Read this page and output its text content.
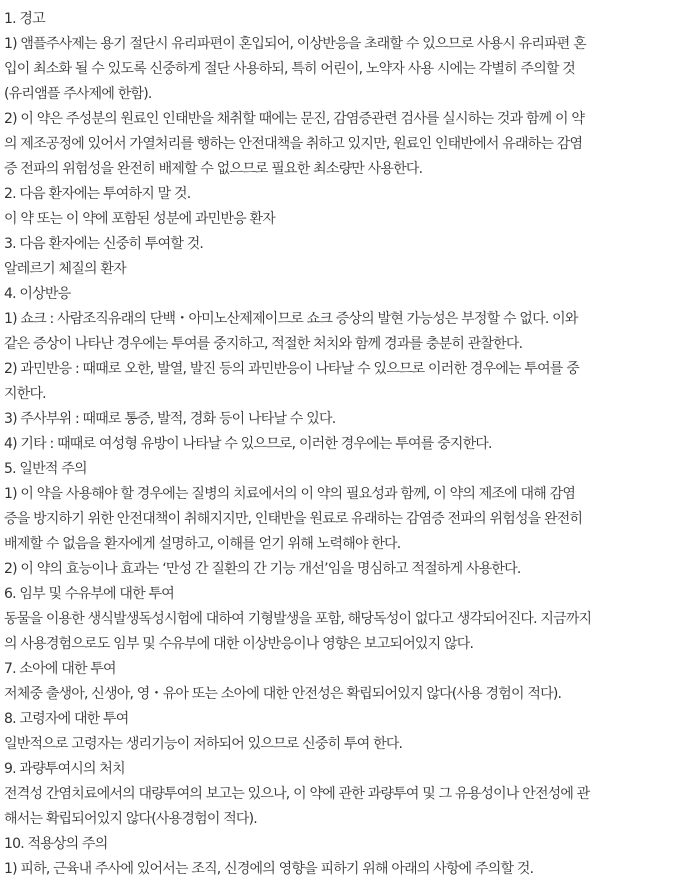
1. 경고
1) 앰플주사제는 용기 절단시 유리파편이 혼입되어, 이상반응을 초래할 수 있으므로 사용시 유리파편 혼
입이 최소화 될 수 있도록 신중하게 절단 사용하되, 특히 어린이, 노약자 사용 시에는 각별히 주의할 것
(유리앰플 주사제에 한함).
2) 이 약은 주성분의 원료인 인태반을 채취할 때에는 문진, 감염증관련 검사를 실시하는 것과 함께 이 약
의 제조공정에 있어서 가열처리를 행하는 안전대책을 취하고 있지만, 원료인 인태반에서 유래하는 감염
증 전파의 위험성을 완전히 배제할 수 없으므로 필요한 최소량만 사용한다.
2. 다음 환자에는 투여하지 말 것.
이 약 또는 이 약에 포함된 성분에 과민반응 환자
3. 다음 환자에는 신중히 투여할 것.
알레르기 체질의 환자
4. 이상반응
1) 쇼크 : 사람조직유래의 단백・아미노산제제이므로 쇼크 증상의 발현 가능성은 부정할 수 없다. 이와
같은 증상이 나타난 경우에는 투여를 중지하고, 적절한 처치와 함께 경과를 충분히 관찰한다.
2) 과민반응 : 때때로 오한, 발열, 발진 등의 과민반응이 나타날 수 있으므로 이러한 경우에는 투여를 중
지한다.
3) 주사부위 : 때때로 통증, 발적, 경화 등이 나타날 수 있다.
4) 기타 : 때때로 여성형 유방이 나타날 수 있으므로, 이러한 경우에는 투여를 중지한다.
5. 일반적 주의
1) 이 약을 사용해야 할 경우에는 질병의 치료에서의 이 약의 필요성과 함께, 이 약의 제조에 대해 감염
증을 방지하기 위한 안전대책이 취해지지만, 인태반을 원료로 유래하는 감염증 전파의 위험성을 완전히
배제할 수 없음을 환자에게 설명하고, 이해를 얻기 위해 노력해야 한다.
2) 이 약의 효능이나 효과는 ‘만성 간 질환의 간 기능 개선’임을 명심하고 적절하게 사용한다.
6. 임부 및 수유부에 대한 투여
동물을 이용한 생식발생독성시험에 대하여 기형발생을 포함, 해당독성이 없다고 생각되어진다. 지금까지
의 사용경험으로도 임부 및 수유부에 대한 이상반응이나 영향은 보고되어있지 않다.
7. 소아에 대한 투여
저체중 출생아, 신생아, 영・유아 또는 소아에 대한 안전성은 확립되어있지 않다(사용 경험이 적다).
8. 고령자에 대한 투여
일반적으로 고령자는 생리기능이 저하되어 있으므로 신중히 투여 한다.
9. 과량투여시의 처치
전격성 간염치료에서의 대량투여의 보고는 있으나, 이 약에 관한 과량투여 및 그 유용성이나 안전성에 관
해서는 확립되어있지 않다(사용경험이 적다).
10. 적용상의 주의
1) 피하, 근육내 주사에 있어서는 조직, 신경에의 영향을 피하기 위해 아래의 사항에 주의할 것.
